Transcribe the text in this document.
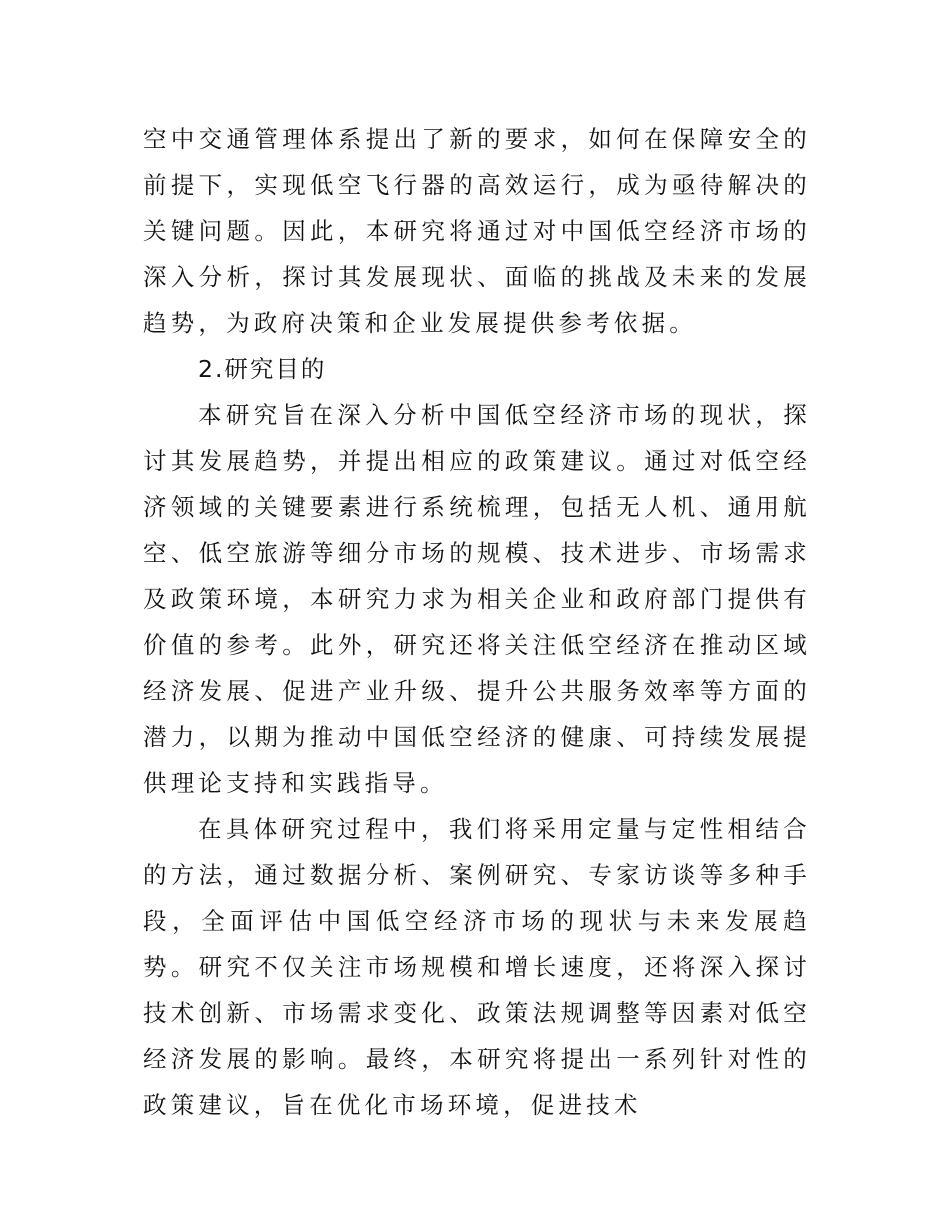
空中交通管理体系提出了新的要求，如何在保障安全的前提下，实现低空飞行器的高效运行，成为亟待解决的关键问题。因此，本研究将通过对中国低空经济市场的深入分析，探讨其发展现状、面临的挑战及未来的发展趋势，为政府决策和企业发展提供参考依据。

2.研究目的

本研究旨在深入分析中国低空经济市场的现状，探讨其发展趋势，并提出相应的政策建议。通过对低空经济领域的关键要素进行系统梳理，包括无人机、通用航空、低空旅游等细分市场的规模、技术进步、市场需求及政策环境，本研究力求为相关企业和政府部门提供有价值的参考。此外，研究还将关注低空经济在推动区域经济发展、促进产业升级、提升公共服务效率等方面的潜力，以期为推动中国低空经济的健康、可持续发展提供理论支持和实践指导。

在具体研究过程中，我们将采用定量与定性相结合的方法，通过数据分析、案例研究、专家访谈等多种手段，全面评估中国低空经济市场的现状与未来发展趋势。研究不仅关注市场规模和增长速度，还将深入探讨技术创新、市场需求变化、政策法规调整等因素对低空经济发展的影响。最终，本研究将提出一系列针对性的政策建议，旨在优化市场环境，促进技术
